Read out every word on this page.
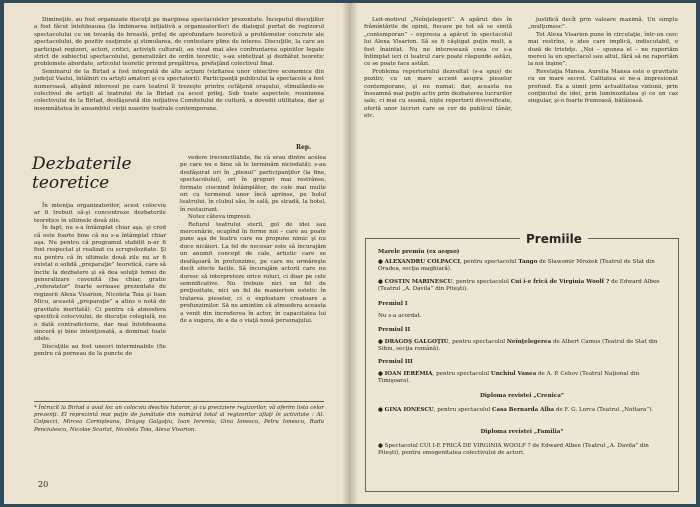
Dimineţile, au fost organizate discuţii pe marginea spectacolelor prezentate. Începutul discuţiilor a fost făcut întotdeauna (la îmbinarea inițiativă a organizatorilor) de dialogul purtat de regizorul spectacolului cu un tovarăş de breaslă, prilej de aprofundare teoretică a problemelor concrete ale spectacolului, de pozitiv susţinute şi stimularea, de contestare pline de interes. Discuţiile, la care au participat regizori, actori, critici, activişti culturali, au vizat mai ales confruntarea opiniilor legate strict de subiectul spectacolului, generalizări de ordin teoretic, s-au sintetizat şi dezbătut teoretic problemele abordate, articolul teoretic privind pregătirea, prefaţând colectivul final.

Seminarul de la Birlad a fost integrată de alte acţiuni (vizitarea unor obiective economice din judeţul Vaslui, întâlniri cu artişti amatori şi cu spectatorii). Participanţii publicului la spectacole a fost numeroasă, afişând interesul pe care teatrul îl trezeşte printre cetăţenii oraşului, stimulându-se colectivul de artişti al teatrului de la Birlad ca acest prilej. Sub toate aspectele, reuniunea colectivului de la Birlad, desfăşurată din iniţiativa Comitetului de cultură, a dovedit utilitatea, dar şi insemnătatea în ansamblul vieţii noastre teatrale contemporane.

Rep.
Dezbaterile teoretice

În intenţia organizatorilor, acest colocviu ar fi trebuit să-şi concentreze dezbaterile teoretice în ultimele două zile.

În fapt, nu s-a întâmplat chiar aşa, şi cred că este foarte bine că nu s-a întâmplat chiar aşa. Nu pentru că programul stabilit n-ar fi fost respectat şi realizat cu scrupulozitate. Şi nu pentru că în ultimele două zile nu ar fi existat o solidă „preparaţie” teoretică, care să încite la dezbatere şi să dea soluţii temei de generalizare cuvenită (ba chiar, gratie „referatelor” foarte serioase prezentate de regizorii Alexa Visarion, Nicoleta Toia şi Ioan Micu, această „preparaţie” a atins o notă de gravitate meritată). Ci pentru că atmosfera specifică colocviului, de discuţie colegială, nu o dată contradictorie, dar mai întotdeauna sinceră şi bine intenţionată, a dominat toate zilele.

Discuţiile au fost uneori interminabile (fie pentru că porneau de la puncte de

vedere ireconciliabile, fie că erau dintre acelea pe care nu e bine să le terminăm niciodată); s-au desfăşurat ori în „plenul” participanţilor (la fine, spectacolului), ori în grupuri mai restrânse, formate ciocnind întâmplător, de cele mai multe ori cu termenul unor încă aprinse, pe holul teatrului, în clubul său, în sală, pe stradă, la hotel, în restaurant.

Notez câteva impresii.

Refuzul teatrului steril, gol de idei sau mercenărie, ocupînd în forme noi – care au poate pune aşa de teatru care nu propune nimic şi nu duce nicăieri. La fel de necesar este să încurajăm un anumit concept de cale, artistic care se desfăşoară în profunzime, pe care nu urmăreşte decît efecte facile. Să încurajăm actorii care nu doresc să interpreteze orice roluri, ci doar pe cele semnificative. Nu trebuie nici un fel de preţiozitate, nici un fel de manierism estetic în tratarea pieselor, ci o exploatare creatoare a profunzimilor. Să ne amintim că atmosfera aceasta a venit din încrederea în actor, în capacitatea lui de a sugera, de a da o viaţă nouă personajului.

* Întrucît la Birlad a avut loc un colocviu deschis tuturor, şi cu preciziere regizorilor, vă oferim lista celor prezenţi. El reprezintă mai puţin de jumătate din numărul total al regizorilor aflaţi în activitate : Al. Colpacci, Mircea Cornişteanu, Dragoş Galgoţiu, Ioan Ieremia, Gina Ionescu, Petru Ionescu, Radu Penciulescu, Nicolae Scarlat, Nicoleta Toia, Alexa Visarion.
20

Leit-motivul „Neînţelegerii”. A apărut des în frămîntările de opinii, fiecare pe tot să se simtă „contemporan” – expresia a apărut în spectacolul lui Alexa Visarion. Să se fi câştigat puţin mult, a fost înaintat. Nu ne interesează ceea ce s-a întîmplat ieri ci teatrul care poate răspunde astăzi, ce se poate face astăzi.

Problema repertoriului dezvoltat (s-a spus) de pozitiv, cu un mare accent asupra pieselor contemporane, şi nu numai; dar, aceasta nu înseamnă mai puţin activ prin dezbaterea lucrurilor sale, ci mai cu seamă, nişte repertorii diversificate, ofertă unor lucruri care se cer de publicul tânăr, etc.

justifică decît prin valoare maximă. Un simplu „mulţumesc”.

Tot Alexa Visarion pune în circulaţie, într-un cerc mai restrîns, o idee care implică, indiscutabil, o doză de tristeţe. „Noi – spunea el – ne raportăm mereu la un spectacol sau altul, fără să ne raportăm la noi înşine”.

Revelaţia Manea. Aurelia Manea este o gravitate cu un mare secret. Calitatea ei ne-a impresionat profund. Ea a uimit prin actualitatea viziunii, prin conţinutul de idei, prin luminozitatea şi ce un caz singular, şi-o foarte frumoasă, bătăioasă.

Premiile
Marele premiu (ex aequo)
● ALEXANDRU COLPACCI, pentru spectacolul Tango de Slawomir Mrożek (Teatrul de Stat din Oradea, secţia maghiară).
● COSTIN MARINESCU, pentru spectacolul Cui i-e frică de Virginia Woolf ? de Edward Albee (Teatrul „A. Davila” din Piteşti).
Premiul I
Nu s-a acordat.
Premiul II
● DRAGOŞ GALGOŢIU, pentru spectacolul Neînţelegerea de Albert Camus (Teatrul de Stat din Sibiu, secţia română).
Premiul III
● IOAN IEREMIA, pentru spectacolul Unchiul Vanea de A. P. Cehov (Teatrul Naţional din Timişoara).
Diploma revistei „Crenica”
● GINA IONESCU, pentru spectacolul Casa Bernarda Alba de F. G. Lorca (Teatrul „Nottara”).
Diploma revistei „Familia”
● Spectacolul CUI I-E FRICĂ DE VIRGINIA WOOLF ? de Edward Albee (Teatrul „A. Davila” din Piteşti), pentru omogenitatea colectivului de actori.
